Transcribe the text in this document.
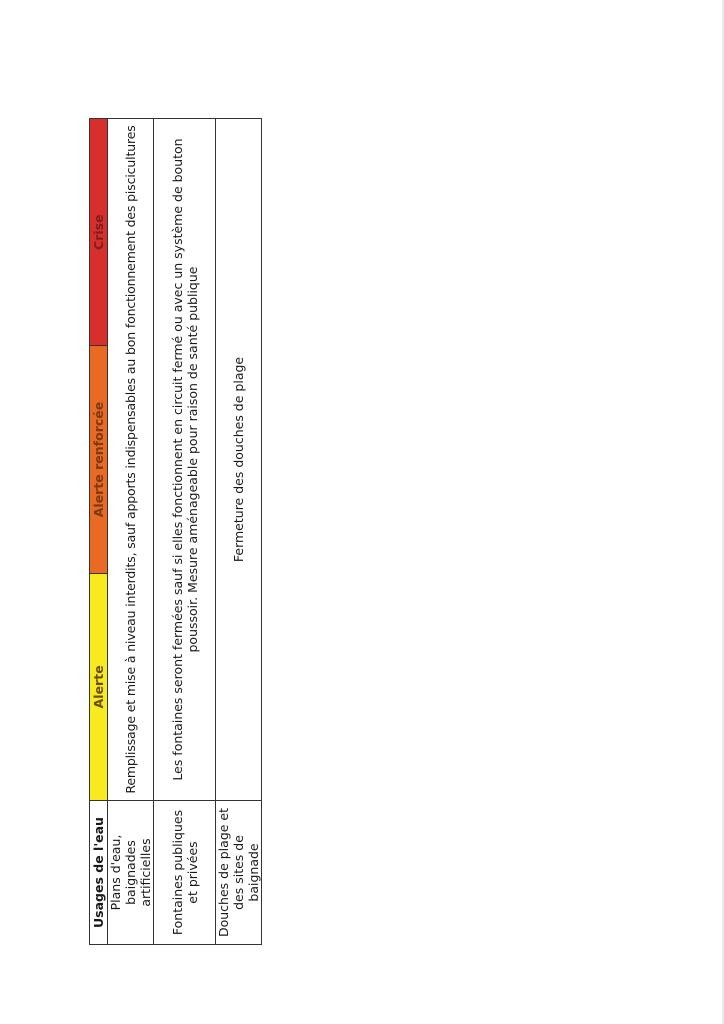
Usages de l'eau	Alerte	Alerte renforcée	Crise
Plans d'eau, baignades artificielles	Remplissage et mise à niveau interdits, sauf apports indispensables au bon fonctionnement des piscicultures		
Fontaines publiques et privées	Les fontaines seront fermées sauf si elles fonctionnent en circuit fermé ou avec un système de bouton poussoir. Mesure aménageable pour raison de santé publique		
Douches de plage et des sites de baignade	Fermeture des douches de plage		
